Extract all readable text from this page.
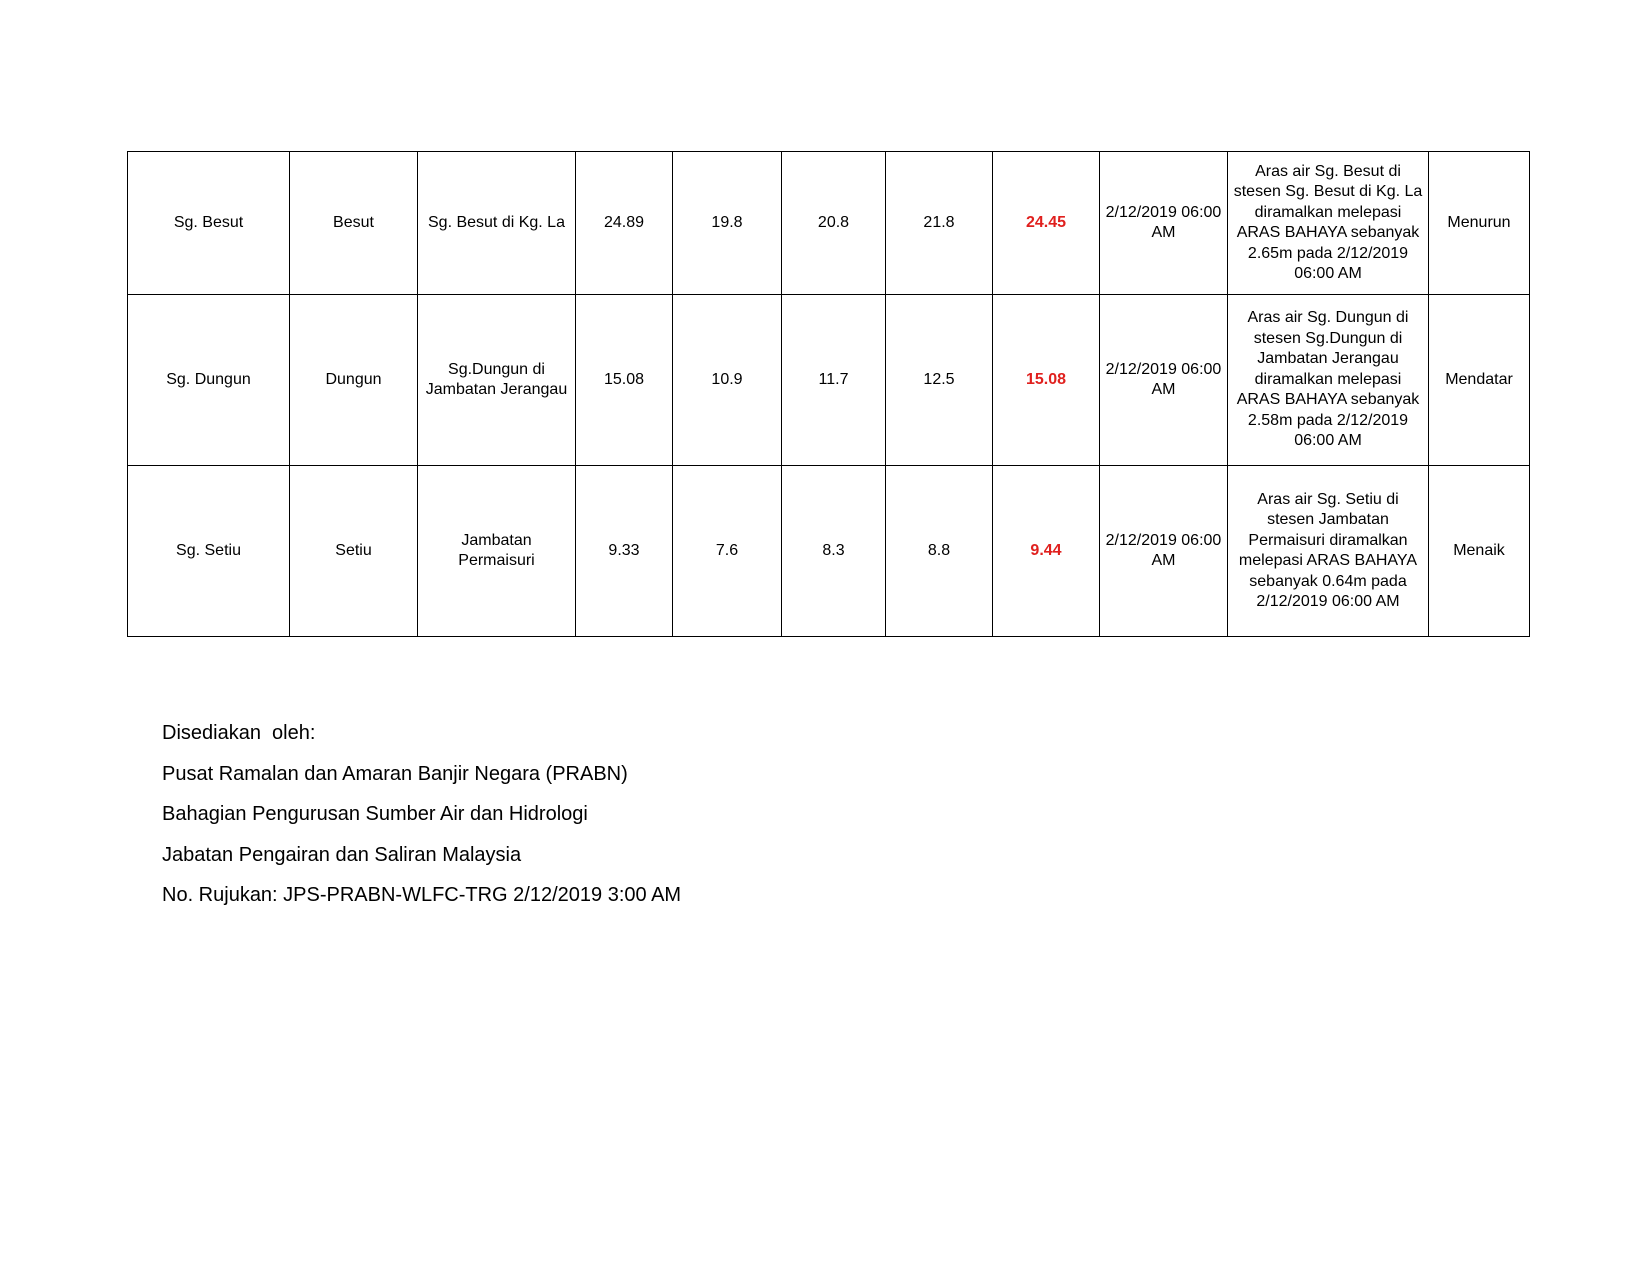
Sg. Besut	Besut	Sg. Besut di Kg. La	24.89	19.8	20.8	21.8	24.45	2/12/2019 06:00 AM	Aras air Sg. Besut di stesen Sg. Besut di Kg. La diramalkan melepasi ARAS BAHAYA sebanyak 2.65m pada 2/12/2019 06:00 AM	Menurun
Sg. Dungun	Dungun	Sg.Dungun di Jambatan Jerangau	15.08	10.9	11.7	12.5	15.08	2/12/2019 06:00 AM	Aras air Sg. Dungun di stesen Sg.Dungun di Jambatan Jerangau diramalkan melepasi ARAS BAHAYA sebanyak 2.58m pada 2/12/2019 06:00 AM	Mendatar
Sg. Setiu	Setiu	Jambatan Permaisuri	9.33	7.6	8.3	8.8	9.44	2/12/2019 06:00 AM	Aras air Sg. Setiu di stesen Jambatan Permaisuri diramalkan melepasi ARAS BAHAYA sebanyak 0.64m pada 2/12/2019 06:00 AM	Menaik
Disediakan  oleh:
Pusat Ramalan dan Amaran Banjir Negara (PRABN)
Bahagian Pengurusan Sumber Air dan Hidrologi
Jabatan Pengairan dan Saliran Malaysia
No. Rujukan: JPS-PRABN-WLFC-TRG 2/12/2019 3:00 AM
